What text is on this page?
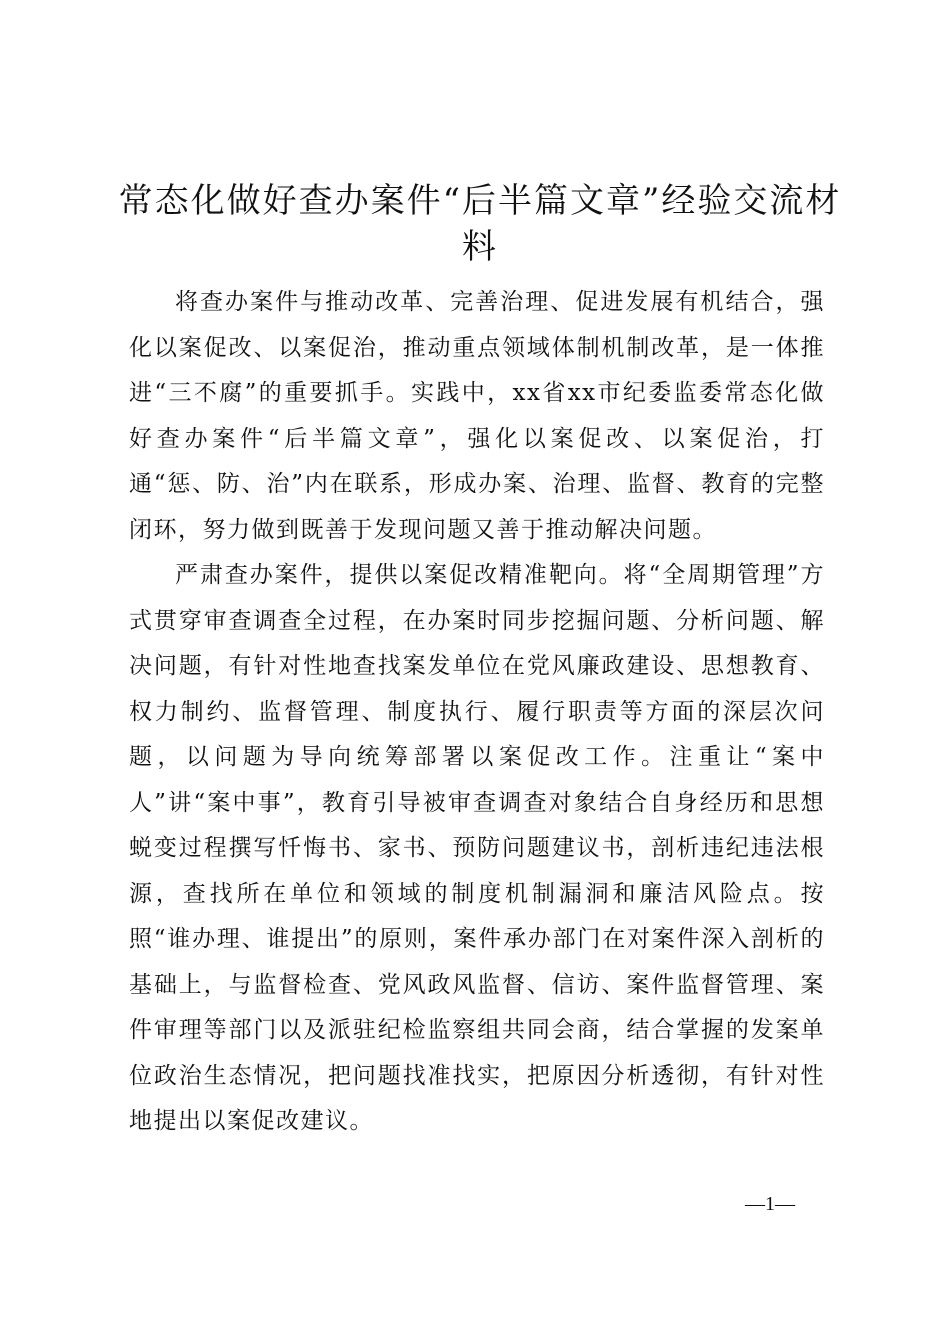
常态化做好查办案件“后半篇文章”经验交流材料

将查办案件与推动改革、完善治理、促进发展有机结合，强化以案促改、以案促治，推动重点领域体制机制改革，是一体推进“三不腐”的重要抓手。实践中，xx省xx市纪委监委常态化做好查办案件“后半篇文章”，强化以案促改、以案促治，打通“惩、防、治”内在联系，形成办案、治理、监督、教育的完整闭环，努力做到既善于发现问题又善于推动解决问题。

严肃查办案件，提供以案促改精准靶向。将“全周期管理”方式贯穿审查调查全过程，在办案时同步挖掘问题、分析问题、解决问题，有针对性地查找案发单位在党风廉政建设、思想教育、权力制约、监督管理、制度执行、履行职责等方面的深层次问题，以问题为导向统筹部署以案促改工作。注重让“案中人”讲“案中事”，教育引导被审查调查对象结合自身经历和思想蜕变过程撰写忏悔书、家书、预防问题建议书，剖析违纪违法根源，查找所在单位和领域的制度机制漏洞和廉洁风险点。按照“谁办理、谁提出”的原则，案件承办部门在对案件深入剖析的基础上，与监督检查、党风政风监督、信访、案件监督管理、案件审理等部门以及派驻纪检监察组共同会商，结合掌握的发案单位政治生态情况，把问题找准找实，把原因分析透彻，有针对性地提出以案促改建议。

—1—
